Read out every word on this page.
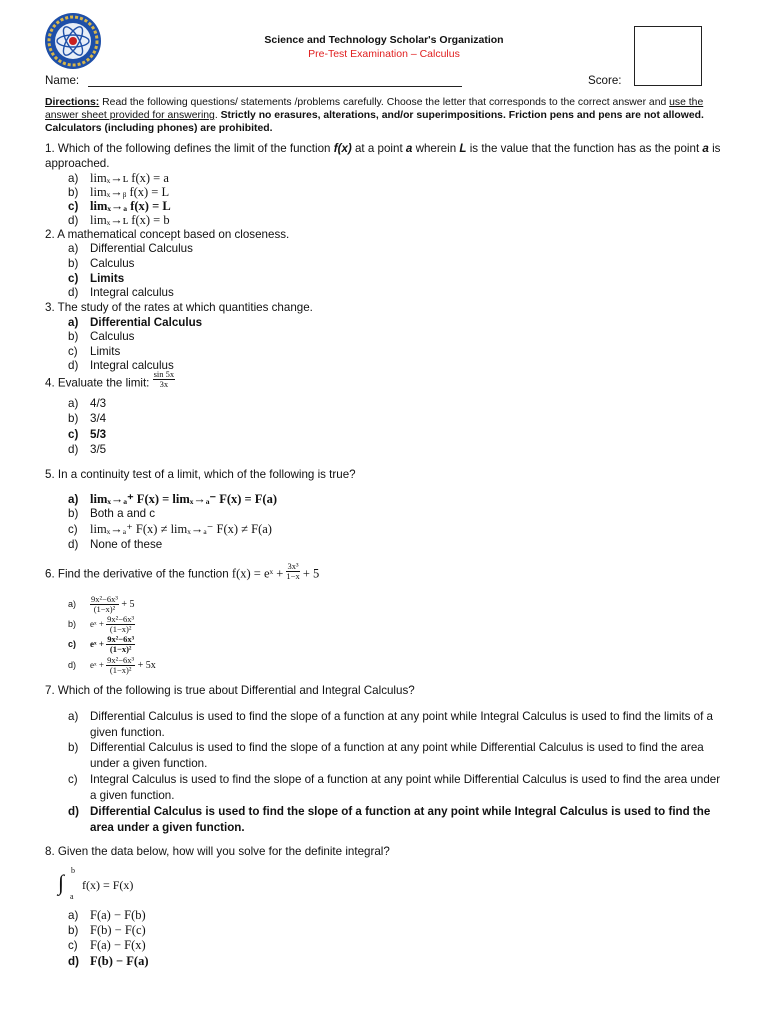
Science and Technology Scholar's Organization
Pre-Test Examination – Calculus
Name:	Score:
Directions: Read the following questions/ statements /problems carefully. Choose the letter that corresponds to the correct answer and use the answer sheet provided for answering. Strictly no erasures, alterations, and/or superimpositions. Friction pens and pens are not allowed. Calculators (including phones) are prohibited.
1. Which of the following defines the limit of the function f(x) at a point a wherein L is the value that the function has as the point a is approached.
a) limₓ→ʟ f(x) = a
b) limₓ→ᵦ f(x) = L
c) limₓ→ₐ f(x) = L
d) limₓ→ʟ f(x) = b
2. A mathematical concept based on closeness.
a) Differential Calculus
b) Calculus
c) Limits
d) Integral calculus
3. The study of the rates at which quantities change.
a) Differential Calculus
b) Calculus
c) Limits
d) Integral calculus
4. Evaluate the limit: $\frac{\sin 5x}{3x}$
a) 4/3
b) 3/4
c) 5/3
d) 3/5
5. In a continuity test of a limit, which of the following is true?
a) limₓ→ₐ⁺ F(x) = limₓ→ₐ⁻ F(x) = F(a)
b) Both a and c
c) limₓ→ₐ⁺ F(x) ≠ limₓ→ₐ⁻ F(x) ≠ F(a)
d) None of these
6. Find the derivative of the function f(x) = eˣ + $\frac{\text{3x³}}{1-x} + 5$
$a) \frac{\text{9x²−6x³}}{\text{(1−x)²}} + 5$
b) eˣ + $\frac{\text{9x²−6x³}}{\text{(1−x)²}}$
c) eˣ + $\frac{\text{9x²−6x³}}{\text{(1−x)²}}$
d) eˣ + $\frac{\text{9x²−6x³}}{\text{(1−x)²}} + 5x$
7. Which of the following is true about Differential and Integral Calculus?
a) Differential Calculus is used to find the slope of a function at any point while Integral Calculus is used to find the limits of a given function.
b) Differential Calculus is used to find the slope of a function at any point while Differential Calculus is used to find the area under a given function.
c) Integral Calculus is used to find the slope of a function at any point while Differential Calculus is used to find the area under a given function.
d) Differential Calculus is used to find the slope of a function at any point while Integral Calculus is used to find the area under a given function.
8. Given the data below, how will you solve for the definite integral?
∫ b
a
f(x) = F(x)
a) F(a) − F(b)
b) F(b) − F(c)
c) F(a) − F(x)
d) F(b) − F(a)
